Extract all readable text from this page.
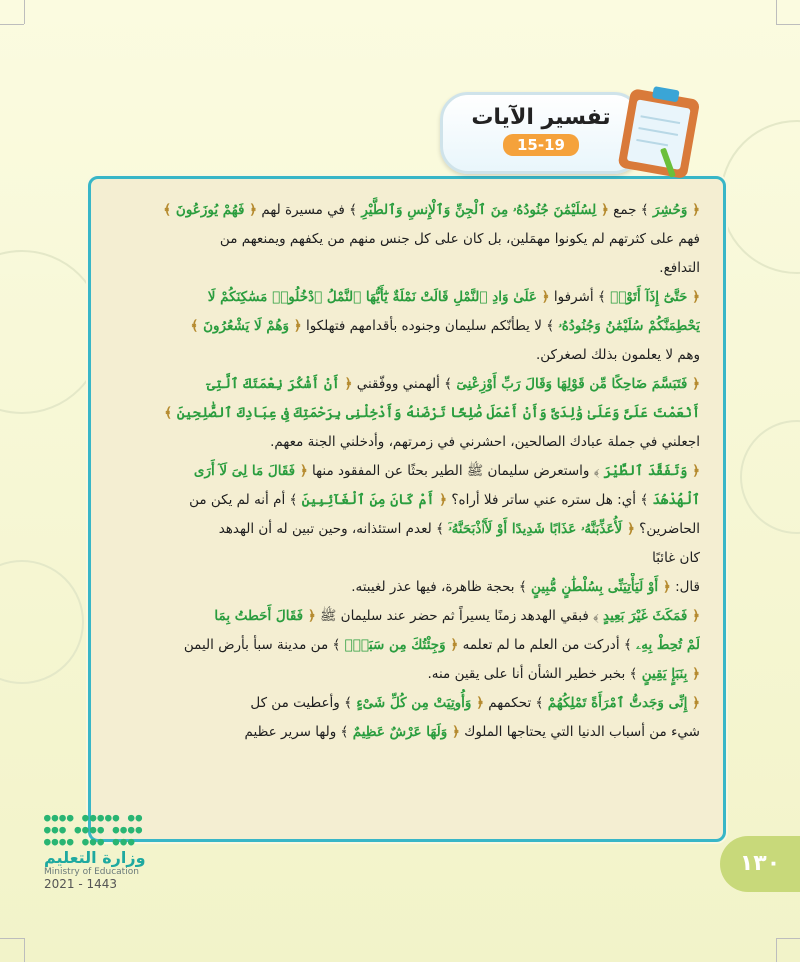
تفسير الآيات
15-19
﴿ وَحُشِرَ ﴾ جمع ﴿ لِسُلَيْمَٰنَ جُنُودُهُۥ مِنَ ٱلْجِنِّ وَٱلْإِنسِ وَٱلطَّيْرِ ﴾ في مسيرة لهم ﴿ فَهُمْ يُوزَعُونَ ﴾
فهم على كثرتهم لم يكونوا مهمَلين، بل كان على كل جنس منهم من يكفهم ويمنعهم من
التدافع.
﴿ حَتَّىٰٓ إِذَآ أَتَوْا۟ ﴾ أشرفوا ﴿ عَلَىٰ وَادِ ٱلنَّمْلِ قَالَتْ نَمْلَةٌ يَٰٓأَيُّهَا ٱلنَّمْلُ ٱدْخُلُوا۟ مَسَٰكِنَكُمْ لَا
يَحْطِمَنَّكُمْ سُلَيْمَٰنُ وَجُنُودُهُۥ ﴾ لا يطأنّكم سليمان وجنوده بأقدامهم فتهلكوا ﴿ وَهُمْ لَا يَشْعُرُونَ ﴾
وهم لا يعلمون بذلك لصغركن.
﴿ فَتَبَسَّمَ ضَاحِكًا مِّن قَوْلِهَا وَقَالَ رَبِّ أَوْزِعْنِىٓ ﴾ ألهمني ووفّقني ﴿ أَنْ أَشْكُرَ نِعْمَتَكَ ٱلَّتِىٓ
أَنْعَمْتَ عَلَىَّ وَعَلَىٰ وَٰلِدَىَّ وَأَنْ أَعْمَلَ صَٰلِحًا تَرْضَىٰهُ وَأَدْخِلْنِى بِرَحْمَتِكَ فِى عِبَادِكَ ٱلصَّٰلِحِينَ ﴾
اجعلني في جملة عبادك الصالحين، احشرني في زمرتهم، وأدخلني الجنة معهم.
﴿ وَتَفَقَّدَ ٱلطَّيْرَ ﴾ واستعرض سليمان ﷺ الطير بحثًا عن المفقود منها ﴿ فَقَالَ مَا لِىَ لَآ أَرَى
ٱلْهُدْهُدَ ﴾ أي: هل ستره عني ساتر فلا أراه؟ ﴿ أَمْ كَانَ مِنَ ٱلْغَآئِبِينَ ﴾ أم أنه لم يكن من
الحاضرين؟ ﴿ لَأُعَذِّبَنَّهُۥ عَذَابًا شَدِيدًا أَوْ لَأَا۟ذْبَحَنَّهُۥٓ ﴾ لعدم استئذانه، وحين تبين له أن الهدهد
كان غائبًا
قال: ﴿ أَوْ لَيَأْتِيَنِّى بِسُلْطَٰنٍ مُّبِينٍ ﴾ بحجة ظاهرة، فيها عذر لغيبته.
﴿ فَمَكَثَ غَيْرَ بَعِيدٍ ﴾ فبقي الهدهد زمنًا يسيراً ثم حضر عند سليمان ﷺ ﴿ فَقَالَ أَحَطتُ بِمَا
لَمْ تُحِطْ بِهِۦ ﴾ أدركت من العلم ما لم تعلمه ﴿ وَجِئْتُكَ مِن سَبَإٍۭ ﴾ من مدينة سبأ بأرض اليمن
﴿ بِنَبَإٍ يَقِينٍ ﴾ بخبر خطير الشأن أنا على يقين منه.
﴿ إِنِّى وَجَدتُّ ٱمْرَأَةً تَمْلِكُهُمْ ﴾ تحكمهم ﴿ وَأُوتِيَتْ مِن كُلِّ شَىْءٍ ﴾ وأعطيت من كل
شيء من أسباب الدنيا التي يحتاجها الملوك ﴿ وَلَهَا عَرْشٌ عَظِيمٌ ﴾ ولها سرير عظيم
١٣٠
●●●● ●●●●● ●●
●●● ●●●● ●●●●
●●●● ●●● ●●●
وزارة التعليم
Ministry of Education
2021 - 1443
